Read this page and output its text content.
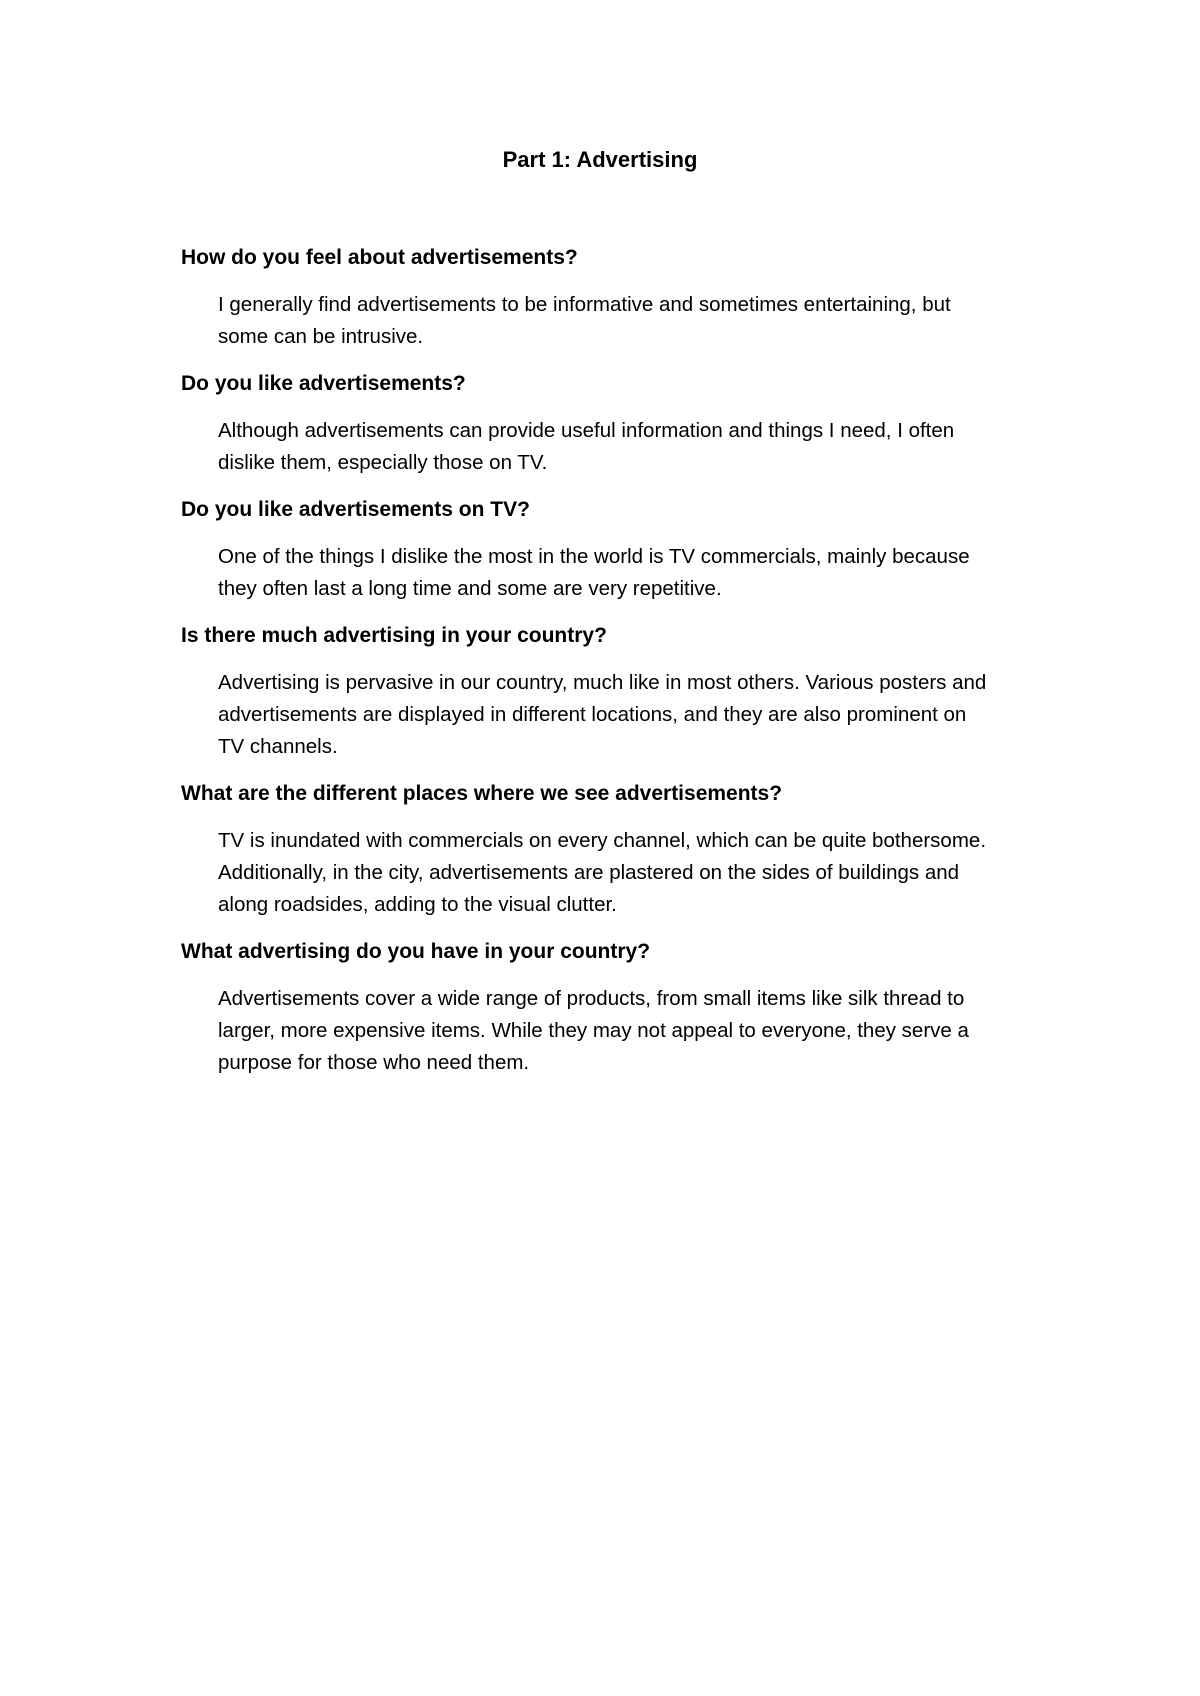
Part 1: Advertising

How do you feel about advertisements?

I generally find advertisements to be informative and sometimes entertaining, but
some can be intrusive.

Do you like advertisements?

Although advertisements can provide useful information and things I need, I often
dislike them, especially those on TV.

Do you like advertisements on TV?

One of the things I dislike the most in the world is TV commercials, mainly because
they often last a long time and some are very repetitive.

Is there much advertising in your country?

Advertising is pervasive in our country, much like in most others. Various posters and
advertisements are displayed in different locations, and they are also prominent on
TV channels.

What are the different places where we see advertisements?

TV is inundated with commercials on every channel, which can be quite bothersome.
Additionally, in the city, advertisements are plastered on the sides of buildings and
along roadsides, adding to the visual clutter.

What advertising do you have in your country?

Advertisements cover a wide range of products, from small items like silk thread to
larger, more expensive items. While they may not appeal to everyone, they serve a
purpose for those who need them.
